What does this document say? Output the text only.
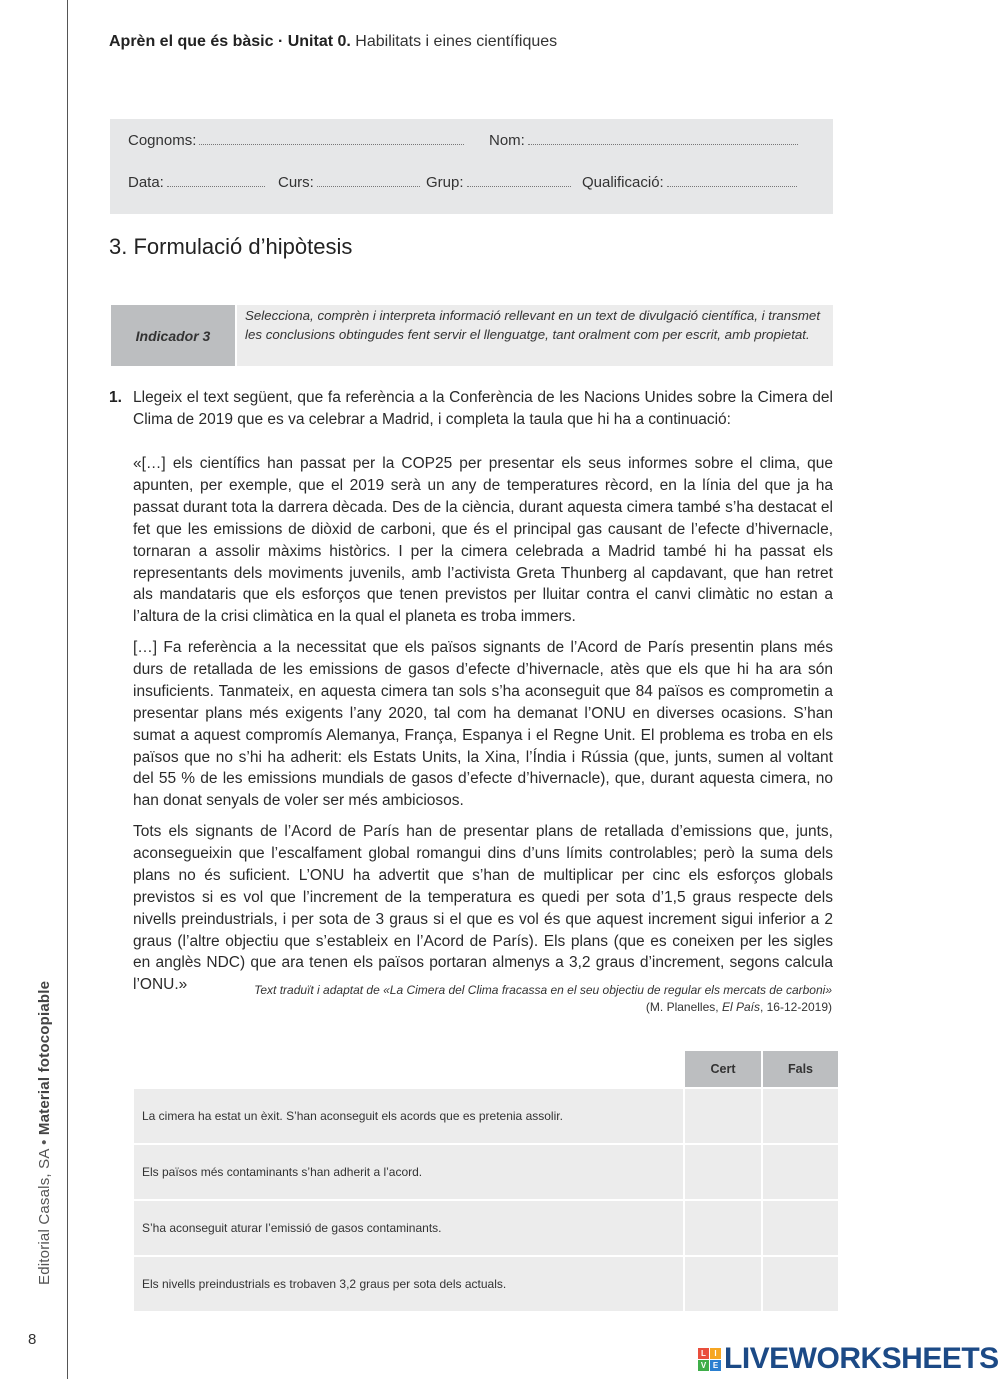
Editorial Casals, SA • Material fotocopiable
8
Aprèn el que és bàsic · Unitat 0. Habilitats i eines científiques
Cognoms:	Nom:
Data:	Curs:	Grup:	Qualificació:
3. Formulació d’hipòtesis
Indicador 3
Selecciona, comprèn i interpreta informació rellevant en un text de divulgació científica, i transmet les conclusions obtingudes fent servir el llenguatge, tant oralment com per escrit, amb propietat.
1. Llegeix el text següent, que fa referència a la Conferència de les Nacions Unides sobre la Cimera del Clima de 2019 que es va celebrar a Madrid, i completa la taula que hi ha a continuació:

«[…] els científics han passat per la COP25 per presentar els seus informes sobre el clima, que apunten, per exemple, que el 2019 serà un any de temperatures rècord, en la línia del que ja ha passat durant tota la darrera dècada. Des de la ciència, durant aquesta cimera també s’ha destacat el fet que les emissions de diòxid de carboni, que és el principal gas causant de l’efecte d’hivernacle, tornaran a assolir màxims històrics. I per la cimera celebrada a Madrid també hi ha passat els representants dels moviments juvenils, amb l’activista Greta Thunberg al capdavant, que han retret als mandataris que els esforços que tenen previstos per lluitar contra el canvi climàtic no estan a l’altura de la crisi climàtica en la qual el planeta es troba immers.

[…] Fa referència a la necessitat que els països signants de l’Acord de París presentin plans més durs de retallada de les emissions de gasos d’efecte d’hivernacle, atès que els que hi ha ara són insuficients. Tanmateix, en aquesta cimera tan sols s’ha aconseguit que 84 països es comprometin a presentar plans més exigents l’any 2020, tal com ha demanat l’ONU en diverses ocasions. S’han sumat a aquest compromís Alemanya, França, Espanya i el Regne Unit. El problema es troba en els països que no s’hi ha adherit: els Estats Units, la Xina, l’Índia i Rússia (que, junts, sumen al voltant del 55 % de les emissions mundials de gasos d’efecte d’hivernacle), que, durant aquesta cimera, no han donat senyals de voler ser més ambiciosos.

Tots els signants de l’Acord de París han de presentar plans de retallada d’emissions que, junts, aconsegueixin que l’escalfament global romangui dins d’uns límits controlables; però la suma dels plans no és suficient. L’ONU ha advertit que s’han de multiplicar per cinc els esforços globals previstos si es vol que l’increment de la temperatura es quedi per sota d’1,5 graus respecte dels nivells preindustrials, i per sota de 3 graus si el que es vol és que aquest increment sigui inferior a 2 graus (l’altre objectiu que s’estableix en l’Acord de París). Els plans (que es coneixen per les sigles en anglès NDC) que ara tenen els països portaran almenys a 3,2 graus d’increment, segons calcula l’ONU.»	Text traduït i adaptat de «La Cimera del Clima fracassa en el seu objectiu de regular els mercats de carboni»
(M. Planelles, El País, 16-12-2019)
	Cert	Fals
La cimera ha estat un èxit. S’han aconseguit els acords que es pretenia assolir.		
Els països més contaminants s’han adherit a l’acord.		
S’ha aconseguit aturar l’emissió de gasos contaminants.		
Els nivells preindustrials es trobaven 3,2 graus per sota dels actuals.		
L	I
V E LIVEWORKSHEETS
